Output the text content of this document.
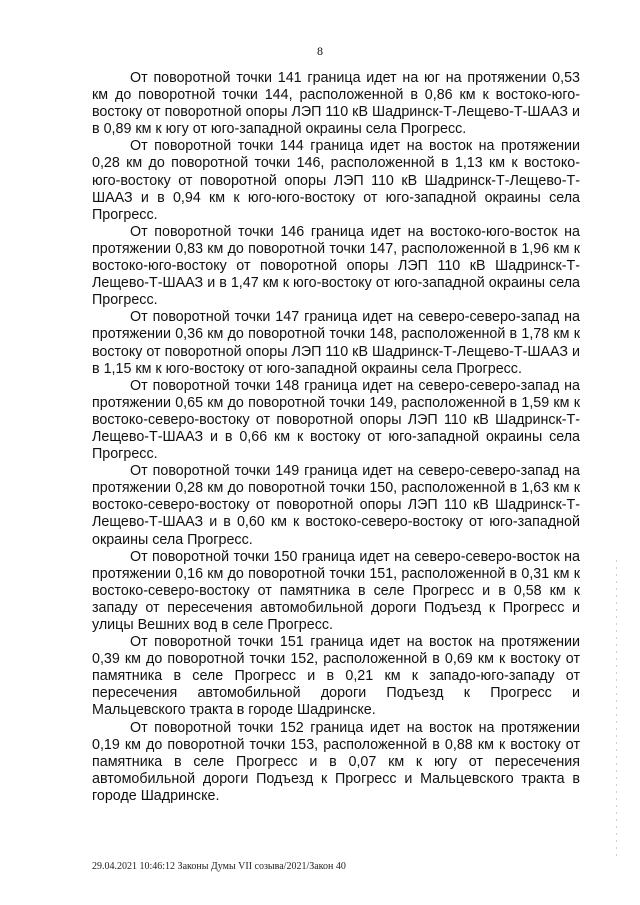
8

От поворотной точки 141 граница идет на юг на протяжении 0,53 км до поворотной точки 144, расположенной в 0,86 км к востоко-юго-востоку от поворотной опоры ЛЭП 110 кВ Шадринск-Т-Лещево-Т-ШААЗ и в 0,89 км к югу от юго-западной окраины села Прогресс.

От поворотной точки 144 граница идет на восток на протяжении 0,28 км до поворотной точки 146, расположенной в 1,13 км к востоко-юго-востоку от поворотной опоры ЛЭП 110 кВ Шадринск-Т-Лещево-Т-ШААЗ и в 0,94 км к юго-юго-востоку от юго-западной окраины села Прогресс.

От поворотной точки 146 граница идет на востоко-юго-восток на протяжении 0,83 км до поворотной точки 147, расположенной в 1,96 км к востоко-юго-востоку от поворотной опоры ЛЭП 110 кВ Шадринск-Т-Лещево-Т-ШААЗ и в 1,47 км к юго-востоку от юго-западной окраины села Прогресс.

От поворотной точки 147 граница идет на северо-северо-запад на протяжении 0,36 км до поворотной точки 148, расположенной в 1,78 км к востоку от поворотной опоры ЛЭП 110 кВ Шадринск-Т-Лещево-Т-ШААЗ и в 1,15 км к юго-востоку от юго-западной окраины села Прогресс.

От поворотной точки 148 граница идет на северо-северо-запад на протяжении 0,65 км до поворотной точки 149, расположенной в 1,59 км к востоко-северо-востоку от поворотной опоры ЛЭП 110 кВ Шадринск-Т-Лещево-Т-ШААЗ и в 0,66 км к востоку от юго-западной окраины села Прогресс.

От поворотной точки 149 граница идет на северо-северо-запад на протяжении 0,28 км до поворотной точки 150, расположенной в 1,63 км к востоко-северо-востоку от поворотной опоры ЛЭП 110 кВ Шадринск-Т-Лещево-Т-ШААЗ и в 0,60 км к востоко-северо-востоку от юго-западной окраины села Прогресс.

От поворотной точки 150 граница идет на северо-северо-восток на протяжении 0,16 км до поворотной точки 151, расположенной в 0,31 км к востоко-северо-востоку от памятника в селе Прогресс и в 0,58 км к западу от пересечения автомобильной дороги Подъезд к Прогресс и улицы Вешних вод в селе Прогресс.

От поворотной точки 151 граница идет на восток на протяжении 0,39 км до поворотной точки 152, расположенной в 0,69 км к востоку от памятника в селе Прогресс и в 0,21 км к западо-юго-западу от пересечения автомобильной дороги Подъезд к Прогресс и Мальцевского тракта в городе Шадринске.

От поворотной точки 152 граница идет на восток на протяжении 0,19 км до поворотной точки 153, расположенной в 0,88 км к востоку от памятника в селе Прогресс и в 0,07 км к югу от пересечения автомобильной дороги Подъезд к Прогресс и Мальцевского тракта в городе Шадринске.

29.04.2021 10:46:12 Законы Думы VII созыва/2021/Закон 40
